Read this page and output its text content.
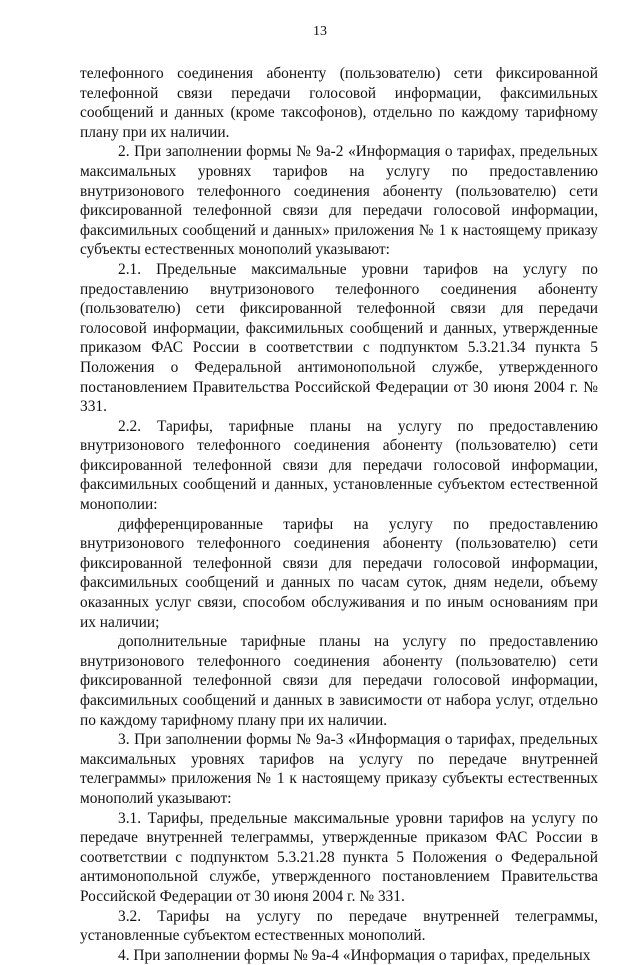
13

телефонного соединения абоненту (пользователю) сети фиксированной телефонной связи передачи голосовой информации, факсимильных сообщений и данных (кроме таксофонов), отдельно по каждому тарифному плану при их наличии.

2. При заполнении формы № 9а-2 «Информация о тарифах, предельных максимальных уровнях тарифов на услугу по предоставлению внутризонового телефонного соединения абоненту (пользователю) сети фиксированной телефонной связи для передачи голосовой информации, факсимильных сообщений и данных» приложения № 1 к настоящему приказу субъекты естественных монополий указывают:

2.1. Предельные максимальные уровни тарифов на услугу по предоставлению внутризонового телефонного соединения абоненту (пользователю) сети фиксированной телефонной связи для передачи голосовой информации, факсимильных сообщений и данных, утвержденные приказом ФАС России в соответствии с подпунктом 5.3.21.34 пункта 5 Положения о Федеральной антимонопольной службе, утвержденного постановлением Правительства Российской Федерации от 30 июня 2004 г. № 331.

2.2. Тарифы, тарифные планы на услугу по предоставлению внутризонового телефонного соединения абоненту (пользователю) сети фиксированной телефонной связи для передачи голосовой информации, факсимильных сообщений и данных, установленные субъектом естественной монополии:

дифференцированные тарифы на услугу по предоставлению внутризонового телефонного соединения абоненту (пользователю) сети фиксированной телефонной связи для передачи голосовой информации, факсимильных сообщений и данных по часам суток, дням недели, объему оказанных услуг связи, способом обслуживания и по иным основаниям при их наличии;

дополнительные тарифные планы на услугу по предоставлению внутризонового телефонного соединения абоненту (пользователю) сети фиксированной телефонной связи для передачи голосовой информации, факсимильных сообщений и данных в зависимости от набора услуг, отдельно по каждому тарифному плану при их наличии.

3. При заполнении формы № 9а-3 «Информация о тарифах, предельных максимальных уровнях тарифов на услугу по передаче внутренней телеграммы» приложения № 1 к настоящему приказу субъекты естественных монополий указывают:

3.1. Тарифы, предельные максимальные уровни тарифов на услугу по передаче внутренней телеграммы, утвержденные приказом ФАС России в соответствии с подпунктом 5.3.21.28 пункта 5 Положения о Федеральной антимонопольной службе, утвержденного постановлением Правительства Российской Федерации от 30 июня 2004 г. № 331.

3.2. Тарифы на услугу по передаче внутренней телеграммы, установленные субъектом естественных монополий.

4. При заполнении формы № 9а-4 «Информация о тарифах, предельных
